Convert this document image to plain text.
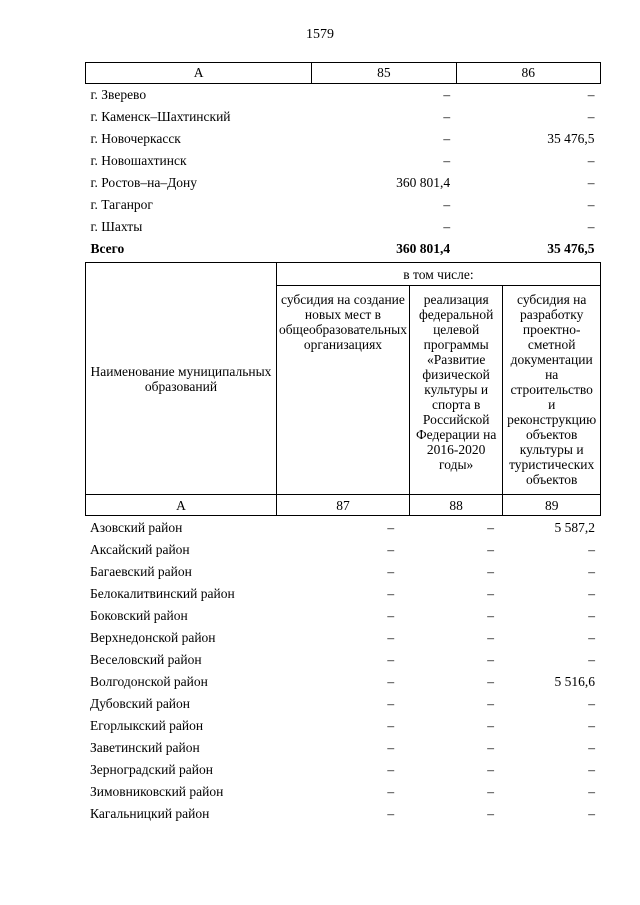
1579
А	85	86
г. Зверево	–	–
г. Каменск–Шахтинский	–	–
г. Новочеркасск	–	35 476,5
г. Новошахтинск	–	–
г. Ростов–на–Дону	360 801,4	–
г. Таганрог	–	–
г. Шахты	–	–
Всего	360 801,4	35 476,5
Наименование муниципальных образований	в том числе:		
	субсидия на создание новых мест в общеобразовательных организациях	реализация федеральной целевой программы «Развитие физической культуры и спорта в Российской Федерации на 2016-2020 годы»	субсидия на разработку проектно-сметной документации на строительство и реконструкцию объектов культуры и туристических объектов
А	87	88	89
Азовский район	–	–	5 587,2
Аксайский район	–	–	–
Багаевский район	–	–	–
Белокалитвинский район	–	–	–
Боковский район	–	–	–
Верхнедонской район	–	–	–
Веселовский район	–	–	–
Волгодонской район	–	–	5 516,6
Дубовский район	–	–	–
Егорлыкский район	–	–	–
Заветинский район	–	–	–
Зерноградский район	–	–	–
Зимовниковский район	–	–	–
Кагальницкий район	–	–	–
